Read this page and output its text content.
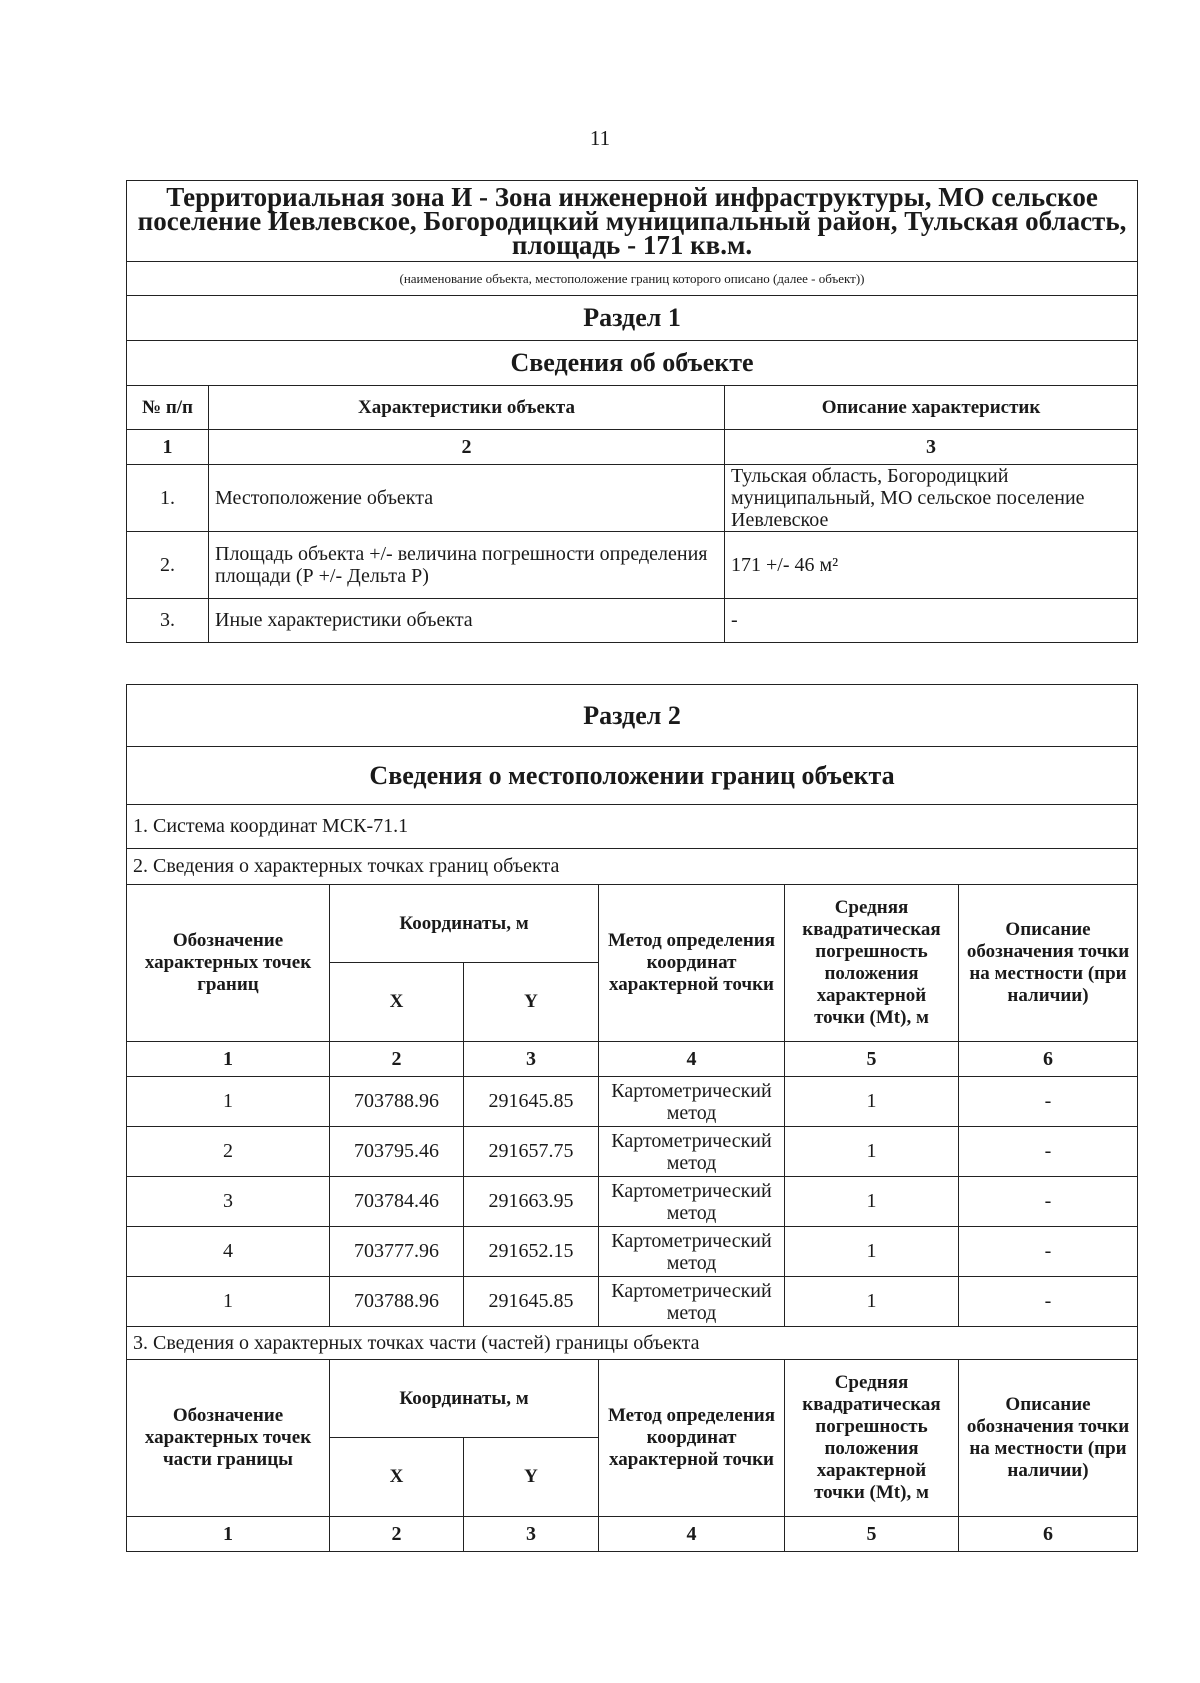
11
Территориальная зона И - Зона инженерной инфраструктуры, МО сельское поселение Иевлевское, Богородицкий муниципальный район, Тульская область, площадь - 171 кв.м.		
(наименование объекта, местоположение границ которого описано (далее - объект))		
Раздел 1		
Сведения об объекте		
№ п/п	Характеристики объекта	Описание характеристик
1	2	3
1.	Местоположение объекта	Тульская область, Богородицкий муниципальный, МО сельское поселение Иевлевское
2.	Площадь объекта +/- величина погрешности определения площади (Р +/- Дельта Р)	171 +/- 46 м²
3.	Иные характеристики объекта	-
Раздел 2					
Сведения о местоположении границ объекта					
1. Система координат МСК-71.1					
2. Сведения о характерных точках границ объекта					
Обозначение характерных точек границ	Координаты, м		Метод определения координат характерной точки	Средняя квадратическая погрешность положения характерной точки (Mt), м	Описание обозначения точки на местности (при наличии)
	X	Y			
1	2	3	4	5	6
1	703788.96	291645.85	Картометрический метод	1	-
2	703795.46	291657.75	Картометрический метод	1	-
3	703784.46	291663.95	Картометрический метод	1	-
4	703777.96	291652.15	Картометрический метод	1	-
1	703788.96	291645.85	Картометрический метод	1	-
3. Сведения о характерных точках части (частей) границы объекта					
Обозначение характерных точек части границы	Координаты, м		Метод определения координат характерной точки	Средняя квадратическая погрешность положения характерной точки (Mt), м	Описание обозначения точки на местности (при наличии)
	X	Y			
1	2	3	4	5	6
